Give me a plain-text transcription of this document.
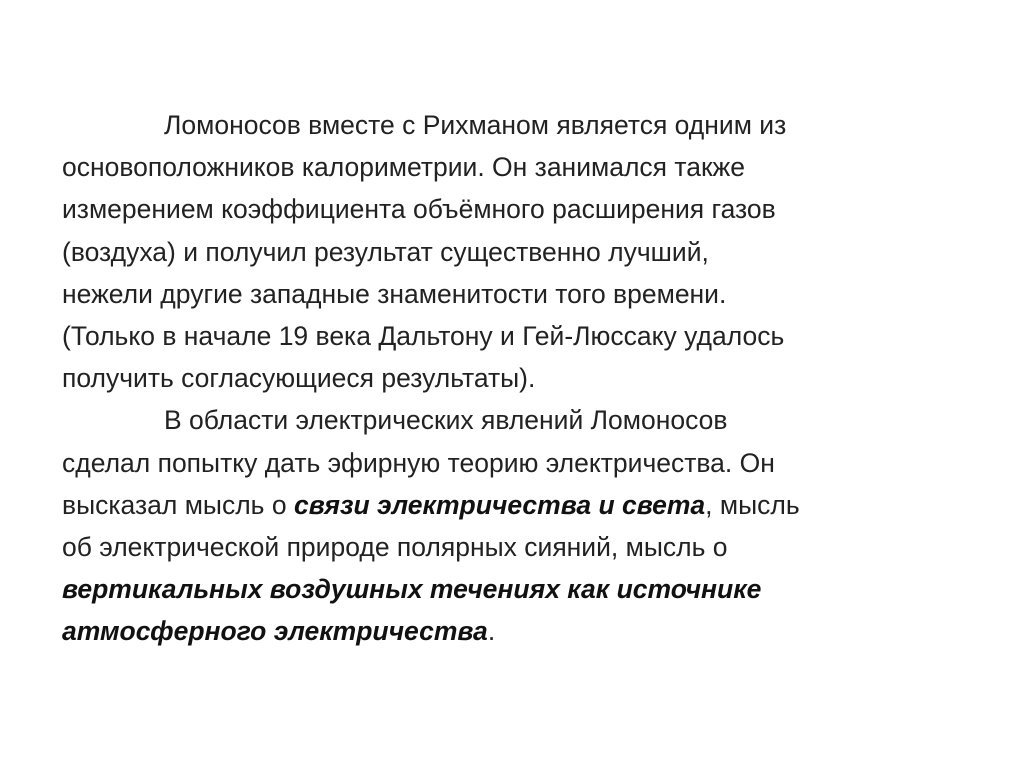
Ломоносов вместе с Рихманом является одним из
основоположников калориметрии. Он занимался также
измерением коэффициента объёмного расширения газов
(воздуха) и получил результат существенно лучший,
нежели другие западные знаменитости того времени.
(Только в начале 19 века Дальтону и Гей-Люссаку удалось
получить согласующиеся результаты).

В области электрических явлений Ломоносов
сделал попытку дать эфирную теорию электричества. Он
высказал мысль о связи электричества и света, мысль
об электрической природе полярных сияний, мысль о
вертикальных воздушных течениях как источнике
атмосферного электричества.
